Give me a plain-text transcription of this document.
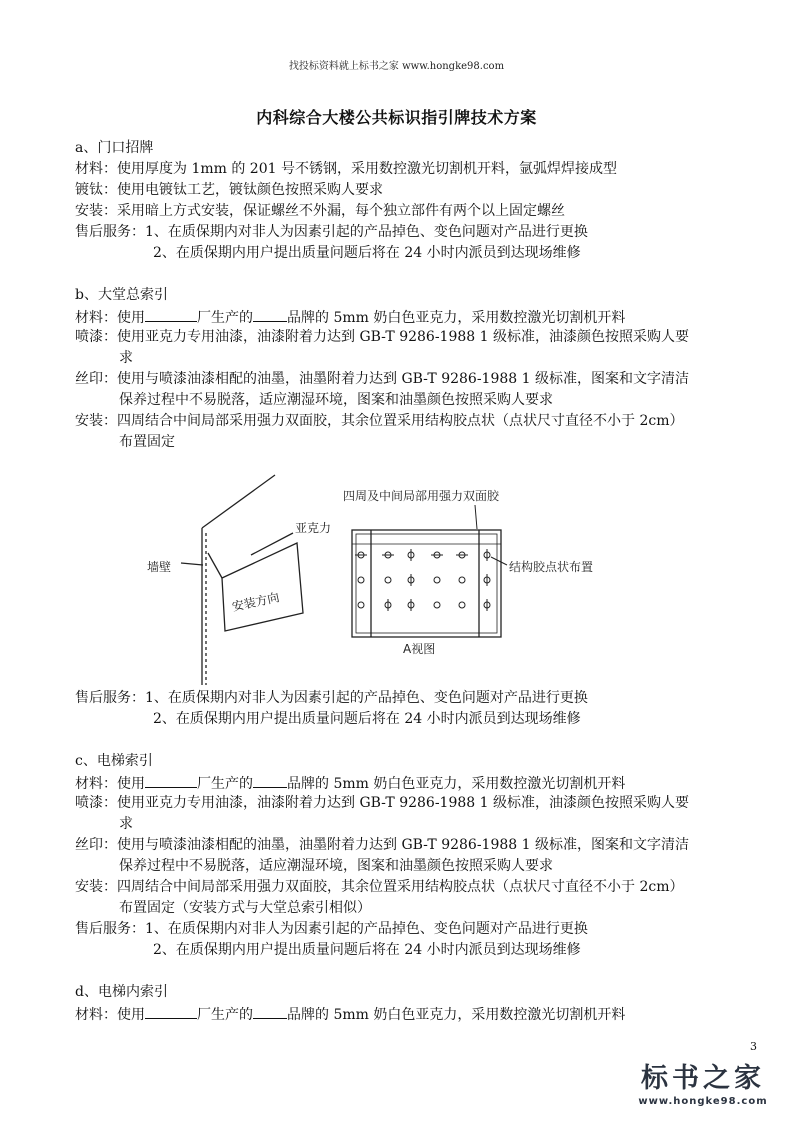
找投标资料就上标书之家 www.hongke98.com
内科综合大楼公共标识指引牌技术方案
a、门口招牌
材料：使用厚度为 1mm 的 201 号不锈钢，采用数控激光切割机开料，氩弧焊焊接成型
镀钛：使用电镀钛工艺，镀钛颜色按照采购人要求
安装：采用暗上方式安装，保证螺丝不外漏，每个独立部件有两个以上固定螺丝
售后服务：1、在质保期内对非人为因素引起的产品掉色、变色问题对产品进行更换
2、在质保期内用户提出质量问题后将在 24 小时内派员到达现场维修
b、大堂总索引
材料：使用	厂生产的 品牌的 5mm 奶白色亚克力，采用数控激光切割机开料
喷漆：使用亚克力专用油漆，油漆附着力达到 GB-T 9286-1988 1 级标准，油漆颜色按照采购人要
求
丝印：使用与喷漆油漆相配的油墨，油墨附着力达到 GB-T 9286-1988 1 级标准，图案和文字清洁
保养过程中不易脱落，适应潮湿环境，图案和油墨颜色按照采购人要求
安装：四周结合中间局部采用强力双面胶，其余位置采用结构胶点状（点状尺寸直径不小于 2cm）
布置固定
墙壁
亚克力
安装方向
四周及中间局部用强力双面胶
结构胶点状布置
A视图
售后服务：1、在质保期内对非人为因素引起的产品掉色、变色问题对产品进行更换
2、在质保期内用户提出质量问题后将在 24 小时内派员到达现场维修
c、电梯索引
材料：使用	厂生产的 品牌的 5mm 奶白色亚克力，采用数控激光切割机开料
喷漆：使用亚克力专用油漆，油漆附着力达到 GB-T 9286-1988 1 级标准，油漆颜色按照采购人要
求
丝印：使用与喷漆油漆相配的油墨，油墨附着力达到 GB-T 9286-1988 1 级标准，图案和文字清洁
保养过程中不易脱落，适应潮湿环境，图案和油墨颜色按照采购人要求
安装：四周结合中间局部采用强力双面胶，其余位置采用结构胶点状（点状尺寸直径不小于 2cm）
布置固定（安装方式与大堂总索引相似）
售后服务：1、在质保期内对非人为因素引起的产品掉色、变色问题对产品进行更换
2、在质保期内用户提出质量问题后将在 24 小时内派员到达现场维修
d、电梯内索引
材料：使用	厂生产的 品牌的 5mm 奶白色亚克力，采用数控激光切割机开料
3
标书之家
www.hongke98.com
